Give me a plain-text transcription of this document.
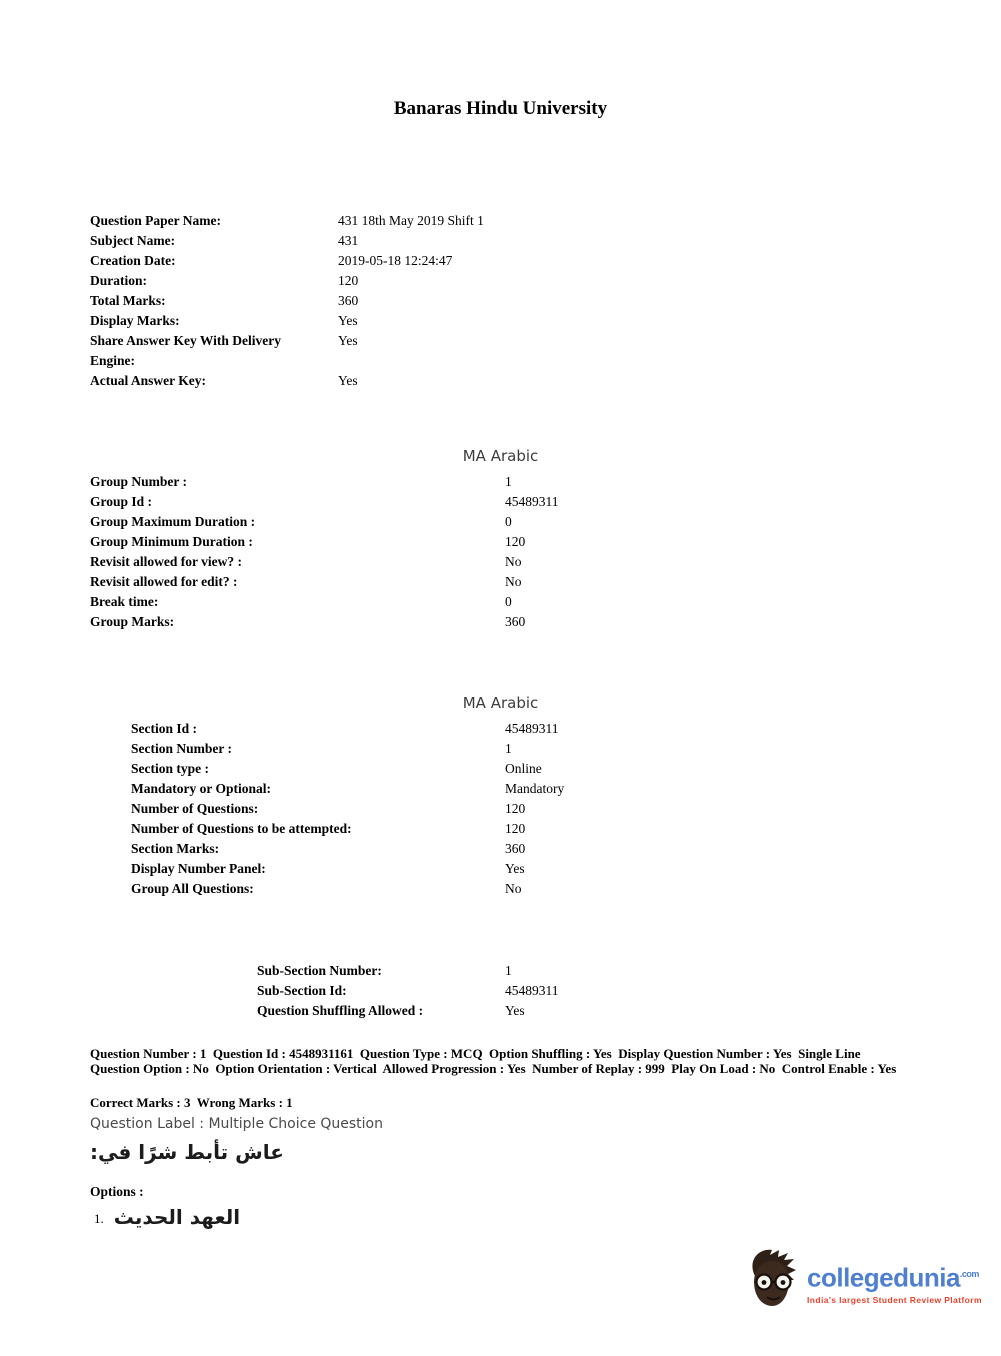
Banaras Hindu University
Question Paper Name:	431 18th May 2019 Shift 1
Subject Name:	431
Creation Date:	2019-05-18 12:24:47
Duration:	120
Total Marks:	360
Display Marks:	Yes
Share Answer Key With Delivery Engine:
Yes
Actual Answer Key:	Yes
MA Arabic
Group Number :	1
Group Id :	45489311
Group Maximum Duration :	0
Group Minimum Duration :	120
Revisit allowed for view? :	No
Revisit allowed for edit? :	No
Break time:	0
Group Marks:	360
MA Arabic
Section Id :	45489311
Section Number :	1
Section type :	Online
Mandatory or Optional:	Mandatory
Number of Questions:	120
Number of Questions to be attempted:	120
Section Marks:	360
Display Number Panel:	Yes
Group All Questions:	No
Sub-Section Number:	1
Sub-Section Id:	45489311
Question Shuffling Allowed :	Yes
Question Number : 1  Question Id : 4548931161  Question Type : MCQ  Option Shuffling : Yes  Display Question Number : Yes  Single Line Question Option : No  Option Orientation : Vertical  Allowed Progression : Yes  Number of Replay : 999  Play On Load : No  Control Enable : Yes
Correct Marks : 3  Wrong Marks : 1
Question Label : Multiple Choice Question
عاش تأبط شرًا في:
Options :
1. العهد الحديث
collegedunia$^{.com}$
India's largest Student Review Platform
